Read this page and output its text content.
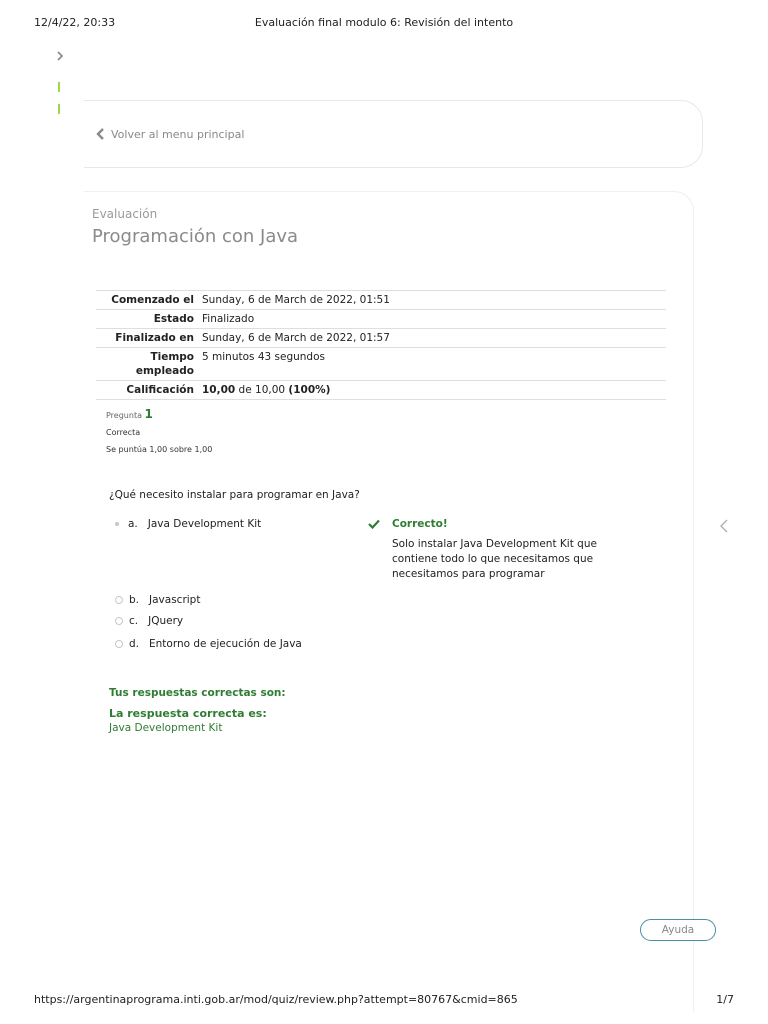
12/4/22, 20:33	Evaluación final modulo 6: Revisión del intento
Volver al menu principal
Evaluación
Programación con Java
Comenzado el	Sunday, 6 de March de 2022, 01:51
Estado	Finalizado
Finalizado en	Sunday, 6 de March de 2022, 01:57
Tiempo empleado	5 minutos 43 segundos
Calificación	10,00 de 10,00 (100%)
Pregunta 1
Correcta
Se puntúa 1,00 sobre 1,00
¿Qué necesito instalar para programar en Java?
a. Java Development Kit
b. Javascript
c. JQuery
d. Entorno de ejecución de Java
Correcto!
Solo instalar Java Development Kit que contiene todo lo que necesitamos que necesitamos para programar
Tus respuestas correctas son:
La respuesta correcta es:
Java Development Kit
Ayuda
https://argentinaprograma.inti.gob.ar/mod/quiz/review.php?attempt=80767&cmid=865	1/7
